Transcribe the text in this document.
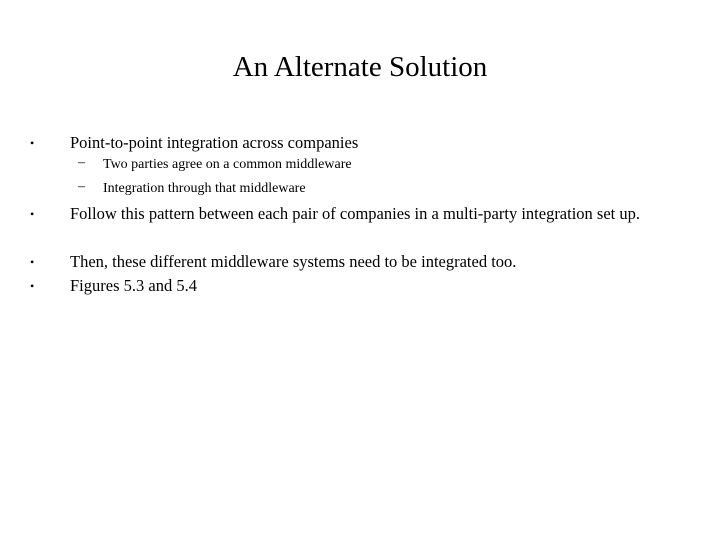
An Alternate Solution
• Point-to-point integration across companies
– Two parties agree on a common middleware
– Integration through that middleware
• Follow this pattern between each pair of companies in a multi-party integration set up.
• Then, these different middleware systems need to be integrated too.
• Figures 5.3 and 5.4
